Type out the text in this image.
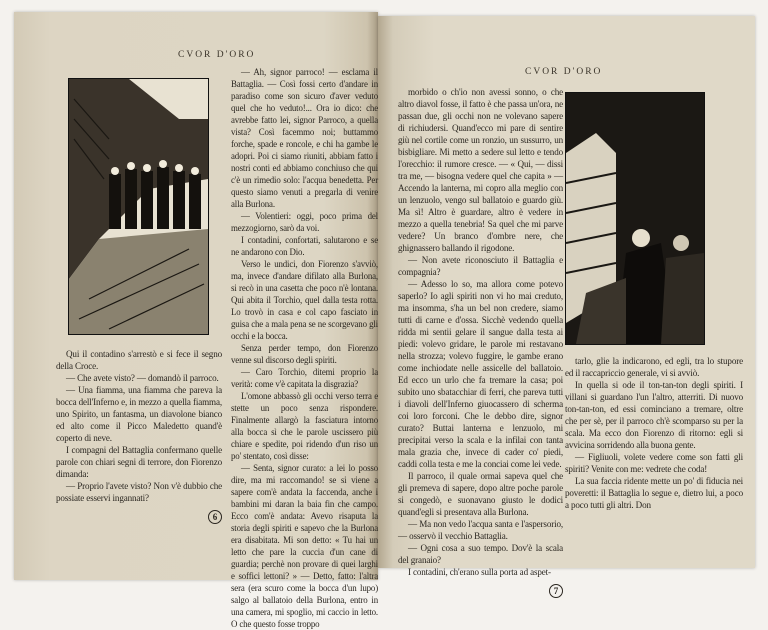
CVOR D'ORO
CVOR D'ORO

Qui il contadino s'arrestò e si fece il segno della Croce.

— Che avete visto? — domandò il parroco.

— Una fiamma, una fiamma che pareva la bocca dell'Inferno e, in mezzo a quella fiamma, uno Spirito, un fantasma, un diavolone bianco ed alto come il Picco Maledetto quand'è coperto di neve.

I compagni del Battaglia confermano quelle parole con chiari segni di terrore, don Fiorenzo dimanda:

— Proprio l'avete visto? Non v'è dubbio che possiate esservi ingannati?

6

— Ah, signor parroco! — esclama il Battaglia. — Così fossi certo d'andare in paradiso come son sicuro d'aver veduto quel che ho veduto!... Ora io dico: che avrebbe fatto lei, signor Parroco, a quella vista? Così facemmo noi; buttammo forche, spade e roncole, e chi ha gambe le adopri. Poi ci siamo riuniti, abbiam fatto i nostri conti ed abbiamo conchiuso che qui c'è un rimedio solo: l'acqua benedetta. Per questo siamo venuti a pregarla di venire alla Burlona.

— Volentieri: oggi, poco prima del mezzogiorno, sarò da voi.

I contadini, confortati, salutarono e se ne andarono con Dio.

Verso le undici, don Fiorenzo s'avviò, ma, invece d'andare difilato alla Burlona, si recò in una casetta che poco n'è lontana. Qui abita il Torchio, quel dalla testa rotta. Lo trovò in casa e col capo fasciato in guisa che a mala pena se ne scorgevano gli occhi e la bocca.

Senza perder tempo, don Fiorenzo venne sul discorso degli spiriti.

— Caro Torchio, ditemi proprio la verità: come v'è capitata la disgrazia?

L'omone abbassò gli occhi verso terra e stette un poco senza rispondere. Finalmente allargò la fasciatura intorno alla bocca sì che le parole uscissero più chiare e spedite, poi ridendo d'un riso un po' stentato, così disse:

— Senta, signor curato: a lei lo posso dire, ma mi raccomando! se si viene a sapere com'è andata la faccenda, anche i bambini mi daran la baia fin che campo. Ecco com'è andata: Avevo risaputa la storia degli spiriti e sapevo che la Burlona era disabitata. Mi son detto: « Tu hai un letto che pare la cuccia d'un cane di guardia; perchè non provare di quei larghi e soffici lettoni? » — Detto, fatto: l'altra sera (era scuro come la bocca d'un lupo) salgo al ballatoio della Burlona, entro in una camera, mi spoglio, mi caccio in letto. O che questo fosse troppo

morbido o ch'io non avessi sonno, o che altro diavol fosse, il fatto è che passa un'ora, ne passan due, gli occhi non ne volevano sapere di richiudersi. Quand'ecco mi pare di sentire giù nel cortile come un ronzio, un sussurro, un bisbigliare. Mi metto a sedere sul letto e tendo l'orecchio: il rumore cresce. — « Qui, — dissi tra me, — bisogna vedere quel che capita » — Accendo la lanterna, mi copro alla meglio con un lenzuolo, vengo sul ballatoio e guardo giù. Ma sì! Altro è guardare, altro è vedere in mezzo a quella tenebria! Sa quel che mi parve vedere? Un branco d'ombre nere, che ghignassero ballando il rigodone.

— Non avete riconosciuto il Battaglia e compagnia?

— Adesso lo so, ma allora come potevo saperlo? Io agli spiriti non vi ho mai creduto, ma insomma, s'ha un bel non credere, siamo tutti di carne e d'ossa. Sicchè vedendo quella ridda mi sentii gelare il sangue dalla testa ai piedi: volevo gridare, le parole mi restavano nella strozza; volevo fuggire, le gambe erano come inchiodate nelle assicelle del ballatoio. Ed ecco un urlo che fa tremare la casa; poi subito uno sbatacchiar di ferri, che pareva tutti i diavoli dell'Inferno giuocassero di scherma coi loro forconi. Che le debbo dire, signor curato? Buttai lanterna e lenzuolo, mi precipitai verso la scala e la infilai con tanta mala grazia che, invece di cader co' piedi, caddi colla testa e me la conciai come lei vede.

Il parroco, il quale ormai sapeva quel che gli premeva di sapere, dopo altre poche parole si congedò, e suonavano giusto le dodici quand'egli si presentava alla Burlona.

— Ma non vedo l'acqua santa e l'aspersorio, — osservò il vecchio Battaglia.

— Ogni cosa a suo tempo. Dov'è la scala del granaio?

I contadini, ch'erano sulla porta ad aspet-

7

tarlo, glie la indicarono, ed egli, tra lo stupore ed il raccapriccio generale, vi si avviò.

In quella si ode il ton-tan-ton degli spiriti. I villani si guardano l'un l'altro, atterriti. Di nuovo ton-tan-ton, ed essi cominciano a tremare, oltre che per sè, per il parroco ch'è scomparso su per la scala. Ma ecco don Fiorenzo di ritorno: egli si avvicina sorridendo alla buona gente.

— Figliuoli, volete vedere come son fatti gli spiriti? Venite con me: vedrete che coda!

La sua faccia ridente mette un po' di fiducia nei poveretti: il Battaglia lo segue e, dietro lui, a poco a poco tutti gli altri. Don
